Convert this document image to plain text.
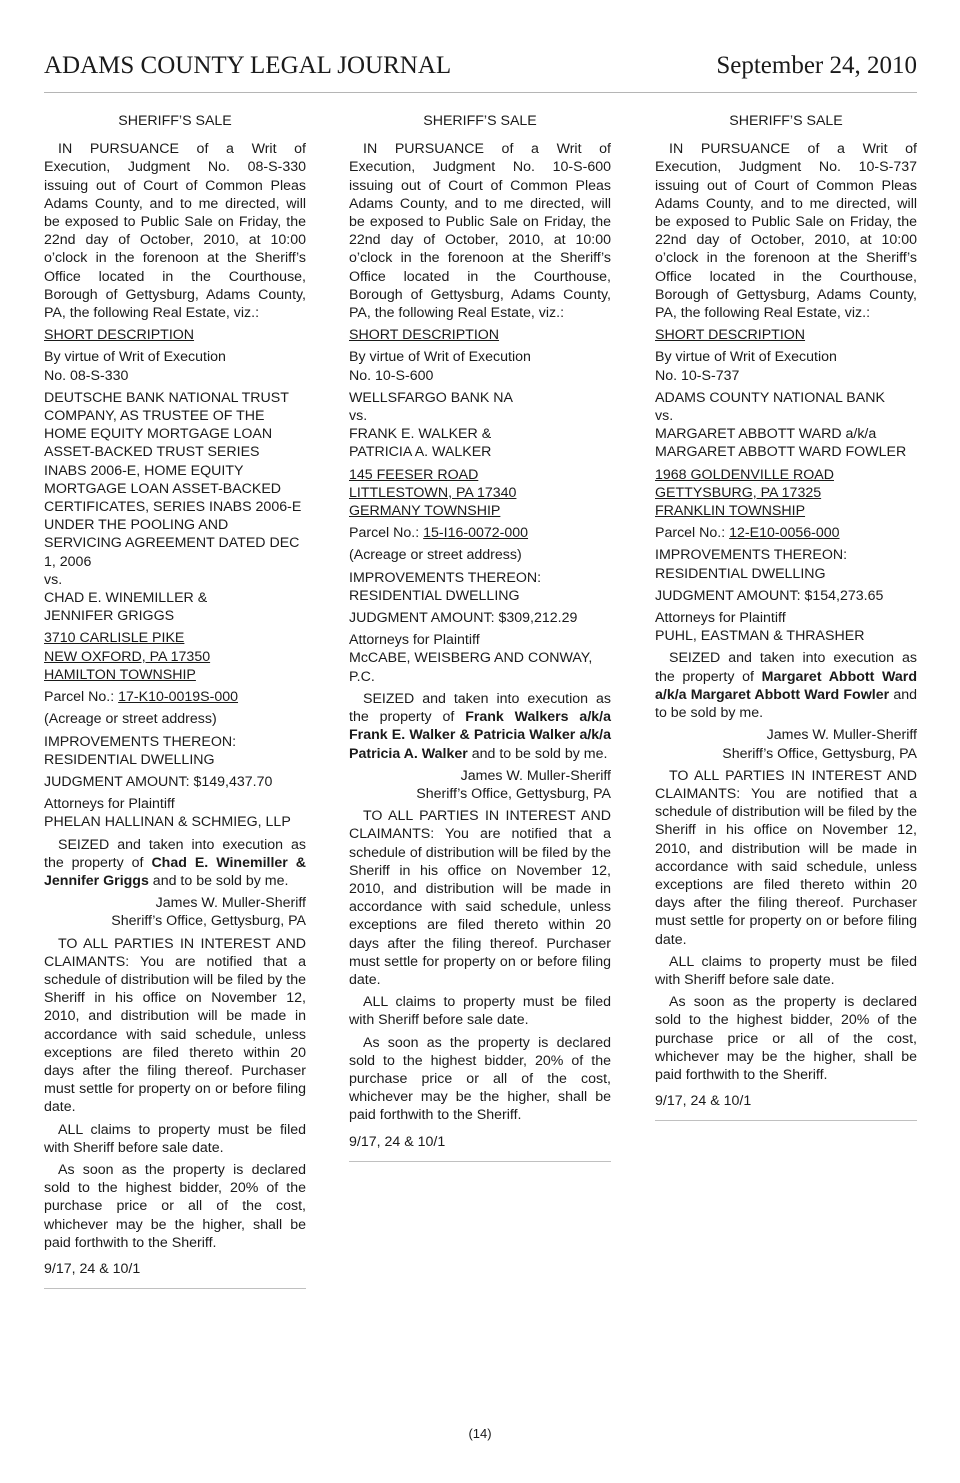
ADAMS COUNTY LEGAL JOURNAL	September 24, 2010

SHERIFF’S SALE

IN PURSUANCE of a Writ of Execution, Judgment No. 08-S-330 issuing out of Court of Common Pleas Adams County, and to me directed, will be exposed to Public Sale on Friday, the 22nd day of October, 2010, at 10:00 o’clock in the forenoon at the Sheriff’s Office located in the Courthouse, Borough of Gettysburg, Adams County, PA, the following Real Estate, viz.:

SHORT DESCRIPTION

By virtue of Writ of Execution
No. 08-S-330

DEUTSCHE BANK NATIONAL TRUST COMPANY, AS TRUSTEE OF THE HOME EQUITY MORTGAGE LOAN ASSET-BACKED TRUST SERIES INABS 2006-E, HOME EQUITY MORTGAGE LOAN ASSET-BACKED CERTIFICATES, SERIES INABS 2006-E UNDER THE POOLING AND SERVICING AGREEMENT DATED DEC 1, 2006
vs.
CHAD E. WINEMILLER &
JENNIFER GRIGGS

3710 CARLISLE PIKE
NEW OXFORD, PA 17350
HAMILTON TOWNSHIP

Parcel No.: 17-K10-0019S-000

(Acreage or street address)

IMPROVEMENTS THEREON:
RESIDENTIAL DWELLING

JUDGMENT AMOUNT: $149,437.70

Attorneys for Plaintiff
PHELAN HALLINAN & SCHMIEG, LLP

SEIZED and taken into execution as the property of Chad E. Winemiller & Jennifer Griggs and to be sold by me.

James W. Muller-Sheriff
Sheriff’s Office, Gettysburg, PA

TO ALL PARTIES IN INTEREST AND CLAIMANTS: You are notified that a schedule of distribution will be filed by the Sheriff in his office on November 12, 2010, and distribution will be made in accordance with said schedule, unless exceptions are filed thereto within 20 days after the filing thereof. Purchaser must settle for property on or before filing date.

ALL claims to property must be filed with Sheriff before sale date.

As soon as the property is declared sold to the highest bidder, 20% of the purchase price or all of the cost, whichever may be the higher, shall be paid forthwith to the Sheriff.

9/17, 24 & 10/1

SHERIFF’S SALE

IN PURSUANCE of a Writ of Execution, Judgment No. 10-S-600 issuing out of Court of Common Pleas Adams County, and to me directed, will be exposed to Public Sale on Friday, the 22nd day of October, 2010, at 10:00 o’clock in the forenoon at the Sheriff’s Office located in the Courthouse, Borough of Gettysburg, Adams County, PA, the following Real Estate, viz.:

SHORT DESCRIPTION

By virtue of Writ of Execution
No. 10-S-600

WELLSFARGO BANK NA
vs.
FRANK E. WALKER &
PATRICIA A. WALKER

145 FEESER ROAD
LITTLESTOWN, PA 17340
GERMANY TOWNSHIP

Parcel No.: 15-I16-0072-000

(Acreage or street address)

IMPROVEMENTS THEREON:
RESIDENTIAL DWELLING

JUDGMENT AMOUNT: $309,212.29

Attorneys for Plaintiff
McCABE, WEISBERG AND CONWAY, P.C.

SEIZED and taken into execution as the property of Frank Walkers a/k/a Frank E. Walker & Patricia Walker a/k/a Patricia A. Walker and to be sold by me.

James W. Muller-Sheriff
Sheriff’s Office, Gettysburg, PA

TO ALL PARTIES IN INTEREST AND CLAIMANTS: You are notified that a schedule of distribution will be filed by the Sheriff in his office on November 12, 2010, and distribution will be made in accordance with said schedule, unless exceptions are filed thereto within 20 days after the filing thereof. Purchaser must settle for property on or before filing date.

ALL claims to property must be filed with Sheriff before sale date.

As soon as the property is declared sold to the highest bidder, 20% of the purchase price or all of the cost, whichever may be the higher, shall be paid forthwith to the Sheriff.

9/17, 24 & 10/1

SHERIFF’S SALE

IN PURSUANCE of a Writ of Execution, Judgment No. 10-S-737 issuing out of Court of Common Pleas Adams County, and to me directed, will be exposed to Public Sale on Friday, the 22nd day of October, 2010, at 10:00 o’clock in the forenoon at the Sheriff’s Office located in the Courthouse, Borough of Gettysburg, Adams County, PA, the following Real Estate, viz.:

SHORT DESCRIPTION

By virtue of Writ of Execution
No. 10-S-737

ADAMS COUNTY NATIONAL BANK
vs.
MARGARET ABBOTT WARD a/k/a
MARGARET ABBOTT WARD FOWLER

1968 GOLDENVILLE ROAD
GETTYSBURG, PA 17325
FRANKLIN TOWNSHIP

Parcel No.: 12-E10-0056-000

IMPROVEMENTS THEREON:
RESIDENTIAL DWELLING

JUDGMENT AMOUNT: $154,273.65

Attorneys for Plaintiff
PUHL, EASTMAN & THRASHER

SEIZED and taken into execution as the property of Margaret Abbott Ward a/k/a Margaret Abbott Ward Fowler and to be sold by me.

James W. Muller-Sheriff
Sheriff’s Office, Gettysburg, PA

TO ALL PARTIES IN INTEREST AND CLAIMANTS: You are notified that a schedule of distribution will be filed by the Sheriff in his office on November 12, 2010, and distribution will be made in accordance with said schedule, unless exceptions are filed thereto within 20 days after the filing thereof. Purchaser must settle for property on or before filing date.

ALL claims to property must be filed with Sheriff before sale date.

As soon as the property is declared sold to the highest bidder, 20% of the purchase price or all of the cost, whichever may be the higher, shall be paid forthwith to the Sheriff.

9/17, 24 & 10/1

(14)
